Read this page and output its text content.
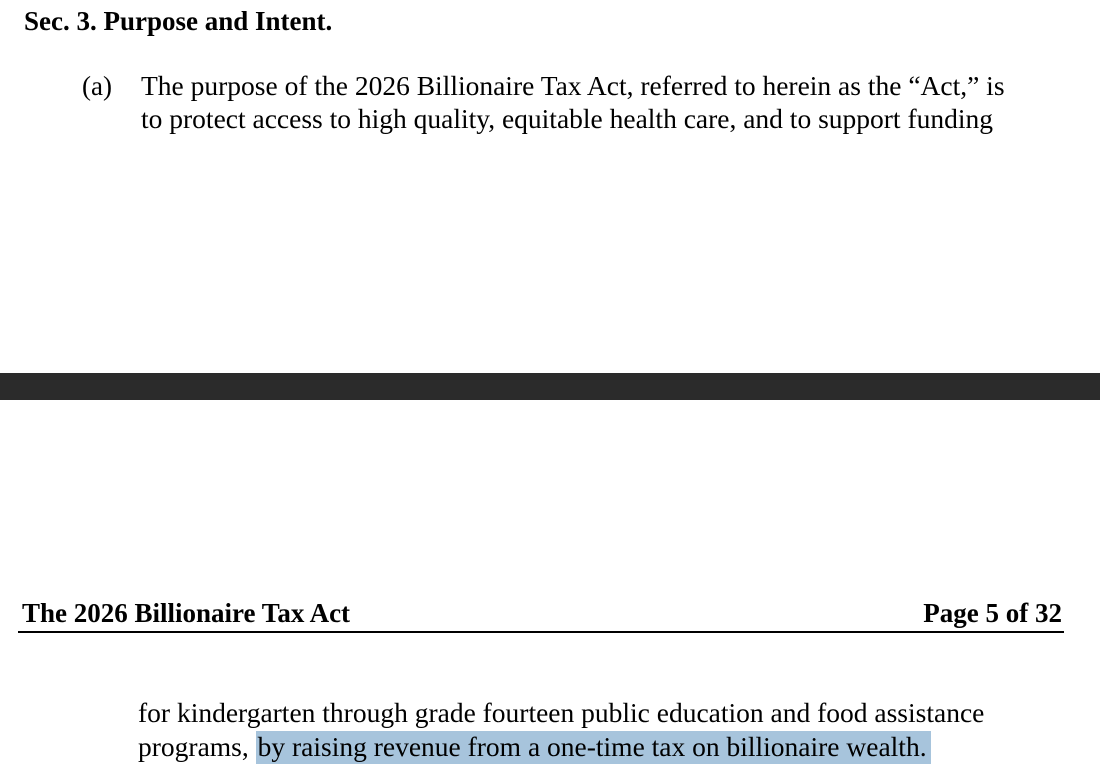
Sec. 3. Purpose and Intent.
(a) The purpose of the 2026 Billionaire Tax Act, referred to herein as the “Act,” is
to protect access to high quality, equitable health care, and to support funding
The 2026 Billionaire Tax Act	Page 5 of 32
for kindergarten through grade fourteen public education and food assistance
programs, by raising revenue from a one-time tax on billionaire wealth.
